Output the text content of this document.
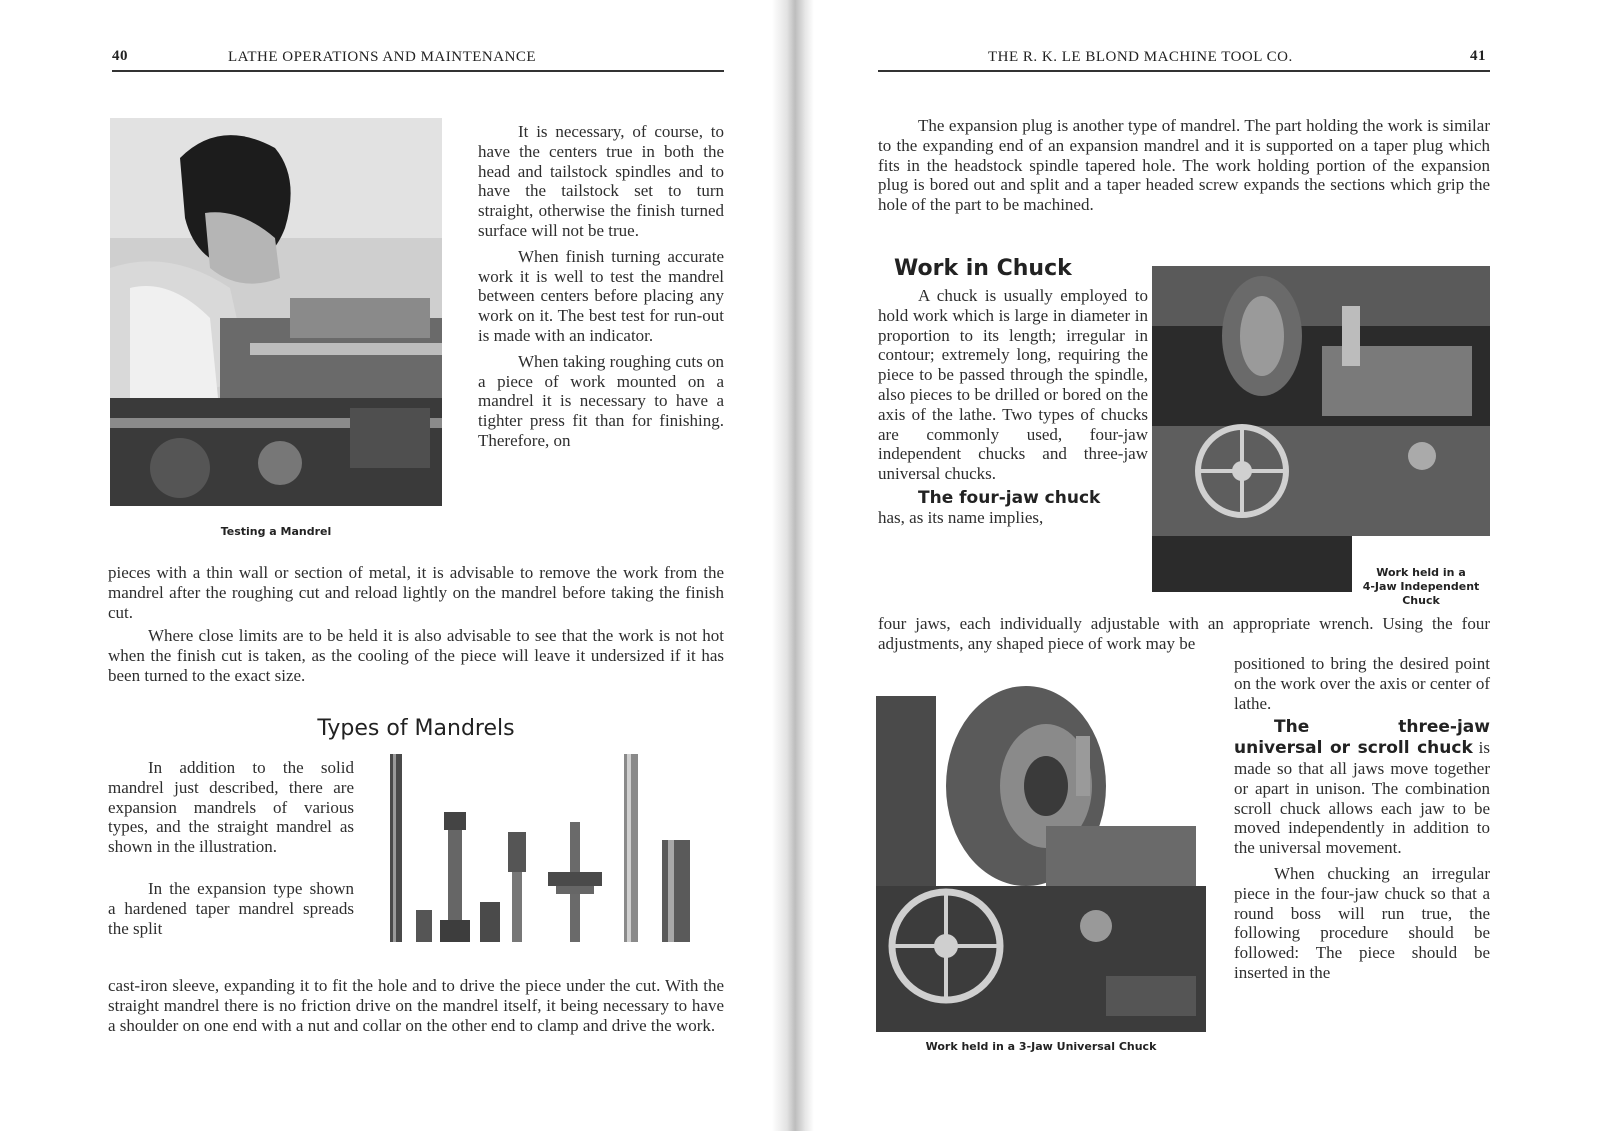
40	LATHE OPERATIONS AND MAINTENANCE
Testing a Mandrel

It is necessary, of course, to have the centers true in both the head and tailstock spindles and to have the tailstock set to turn straight, otherwise the finish turned surface will not be true.

When finish turning accurate work it is well to test the mandrel between centers before placing any work on it. The best test for run-out is made with an indicator.

When taking roughing cuts on a piece of work mounted on a mandrel it is necessary to have a tighter press fit than for finishing. Therefore, on

pieces with a thin wall or section of metal, it is advisable to remove the work from the mandrel after the roughing cut and reload lightly on the mandrel before taking the finish cut.

Where close limits are to be held it is also advisable to see that the work is not hot when the finish cut is taken, as the cooling of the piece will leave it undersized if it has been turned to the exact size.

Types of Mandrels

In addition to the solid mandrel just described, there are expansion mandrels of various types, and the straight mandrel as shown in the illustration.

In the expansion type shown a hardened taper mandrel spreads the split

cast-iron sleeve, expanding it to fit the hole and to drive the piece under the cut. With the straight mandrel there is no friction drive on the mandrel itself, it being necessary to have a shoulder on one end with a nut and collar on the other end to clamp and drive the work.

THE R. K. LE BLOND MACHINE TOOL CO.	41

The expansion plug is another type of mandrel. The part holding the work is similar to the expanding end of an expansion mandrel and it is supported on a taper plug which fits in the headstock spindle tapered hole. The work holding portion of the expansion plug is bored out and split and a taper headed screw expands the sections which grip the hole of the part to be machined.

Work in Chuck

A chuck is usually employed to hold work which is large in diameter in proportion to its length; irregular in contour; extremely long, requiring the piece to be passed through the spindle, also pieces to be drilled or bored on the axis of the lathe. Two types of chucks are commonly used, four-jaw independent chucks and three-jaw universal chucks.

The four-jaw chuck

has, as its name implies,

Work held in a
4-Jaw Independent Chuck

four jaws, each individually adjustable with an appropriate wrench. Using the four adjustments, any shaped piece of work may be

Work held in a 3-Jaw Universal Chuck

positioned to bring the desired point on the work over the axis or center of lathe.

The three-jaw universal or scroll chuck is made so that all jaws move together or apart in unison. The combination scroll chuck allows each jaw to be moved independently in addition to the universal movement.

When chucking an irregular piece in the four-jaw chuck so that a round boss will run true, the following procedure should be followed: The piece should be inserted in the
